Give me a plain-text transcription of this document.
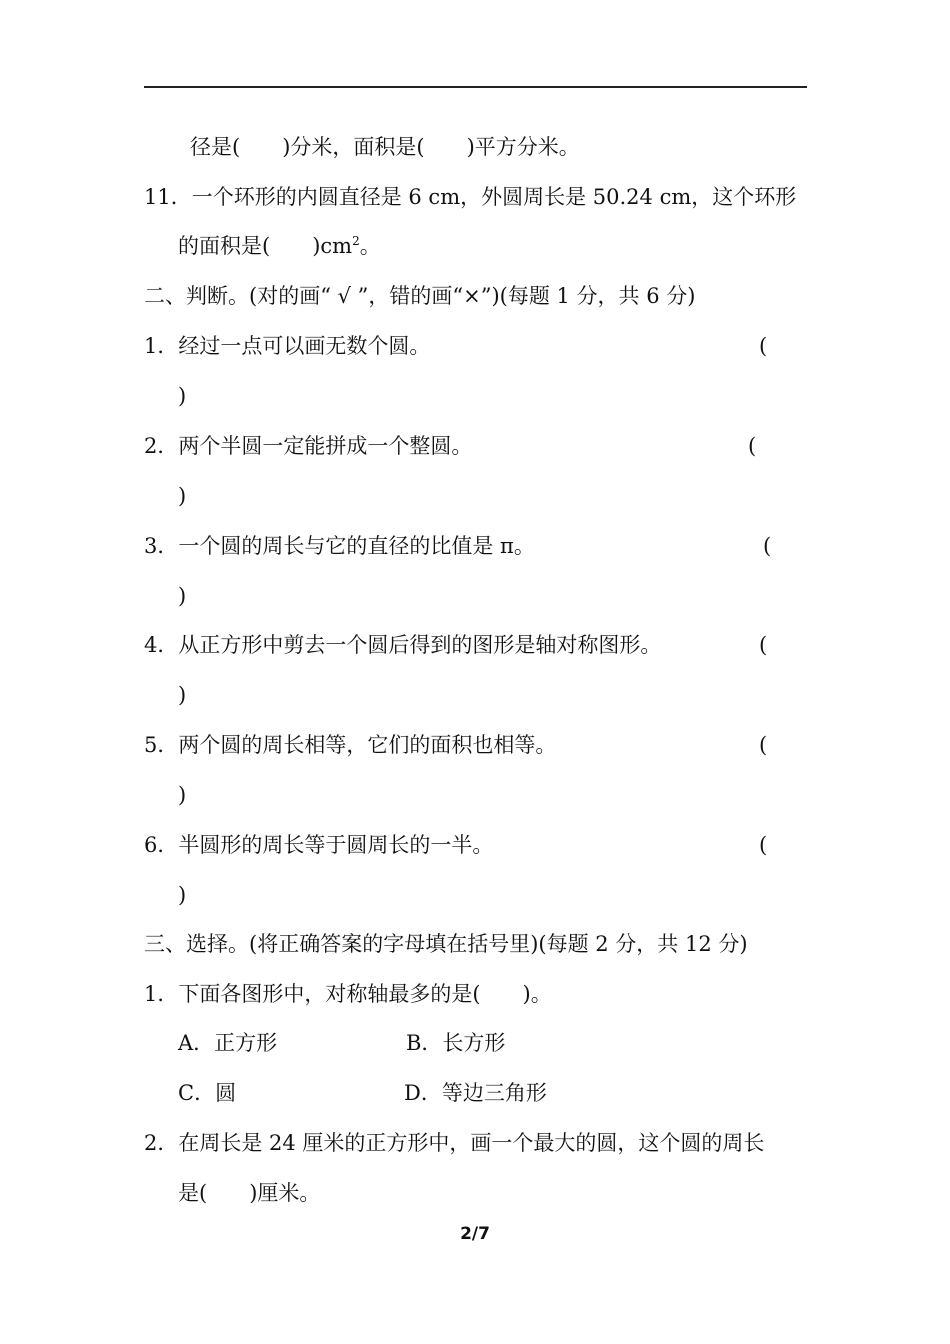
径是(　　)分米，面积是(　　)平方分米。
11．一个环形的内圆直径是 6 cm，外圆周长是 50.24 cm，这个环形
的面积是(　　)$cm^2$。
二、判断。(对的画“ √ ”，错的画“×”)(每题 1 分，共 6 分)
1．经过一点可以画无数个圆。	(
)
2．两个半圆一定能拼成一个整圆。	(
)
3．一个圆的周长与它的直径的比值是 π。	(
)
4．从正方形中剪去一个圆后得到的图形是轴对称图形。	(
)
5．两个圆的周长相等，它们的面积也相等。	(
)
6．半圆形的周长等于圆周长的一半。	(
)
三、选择。(将正确答案的字母填在括号里)(每题 2 分，共 12 分)
1．下面各图形中，对称轴最多的是(　　)。
A．正方形	B．长方形
C．圆	D．等边三角形
2．在周长是 24 厘米的正方形中，画一个最大的圆，这个圆的周长
是(　　)厘米。
2/7
